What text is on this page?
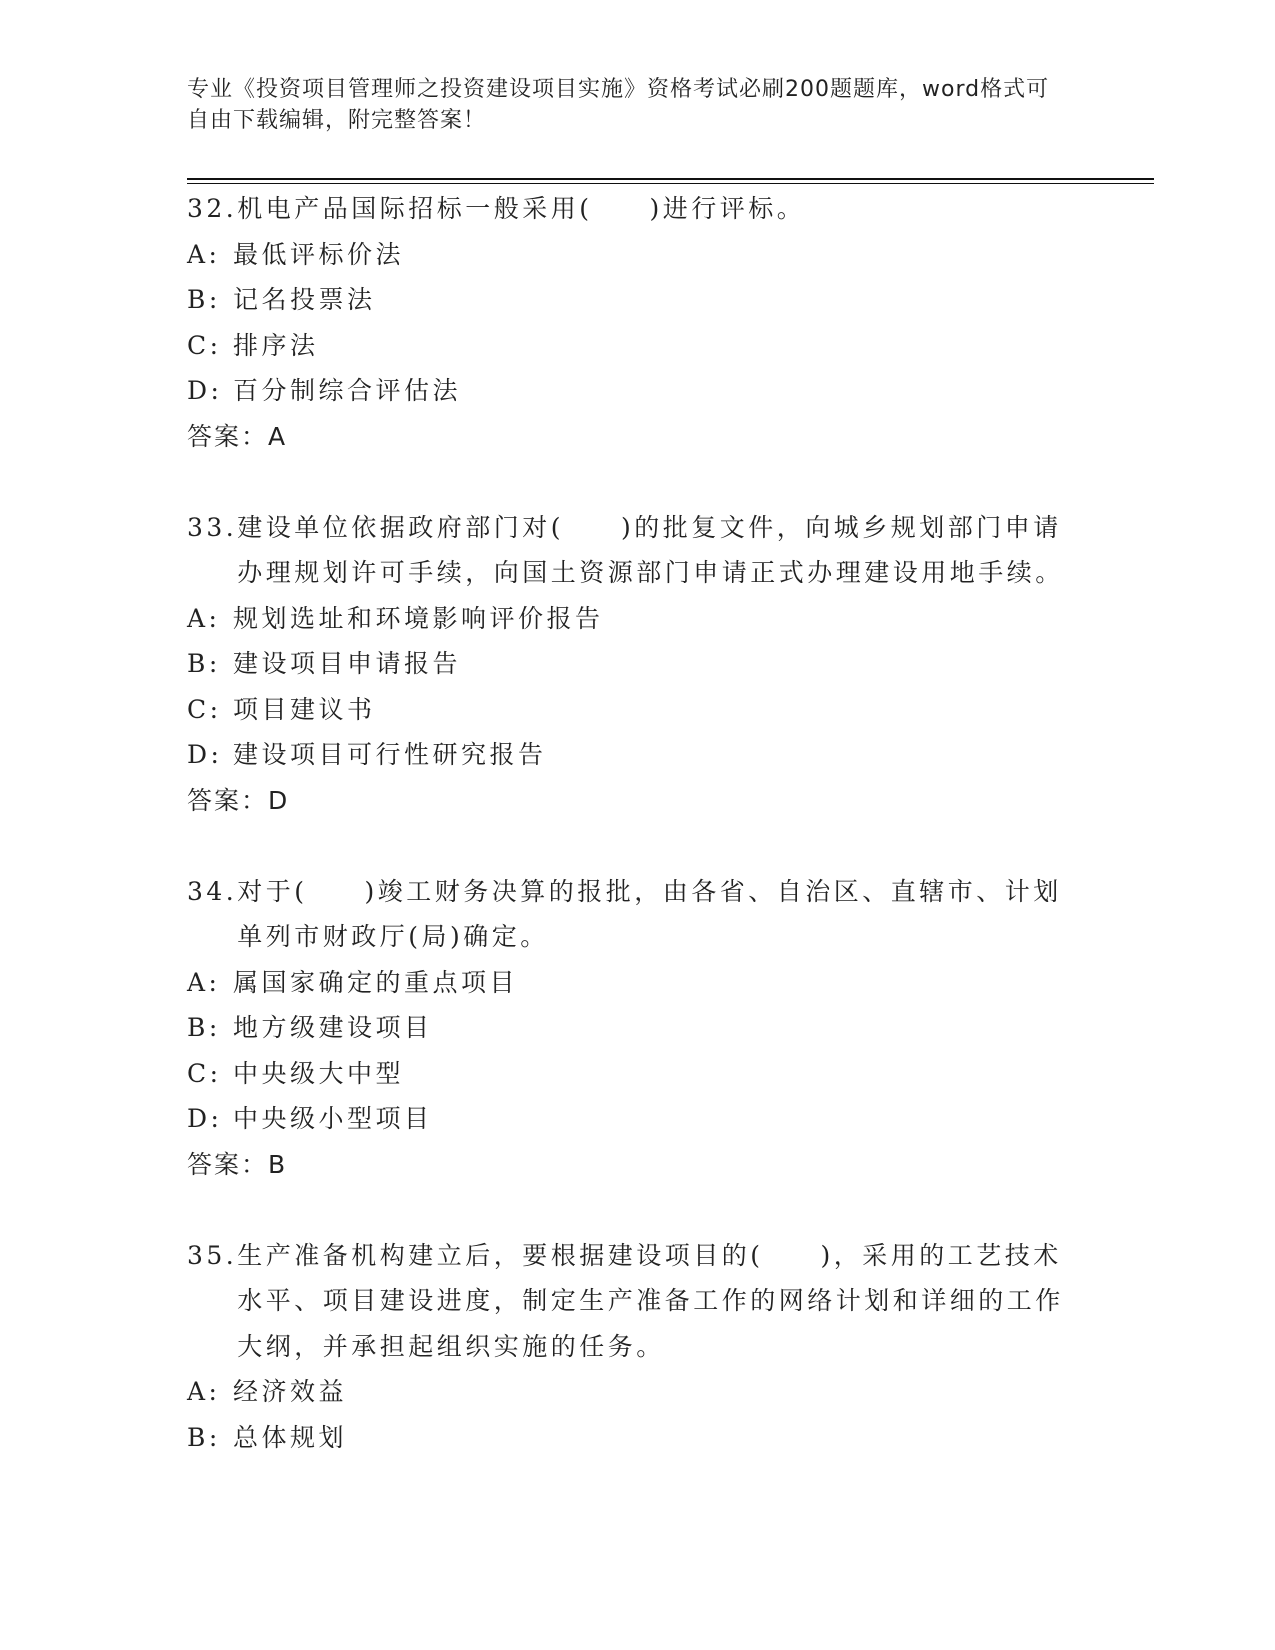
专业《投资项目管理师之投资建设项目实施》资格考试必刷200题题库，word格式可自由下载编辑，附完整答案！
32. 机电产品国际招标一般采用(　　)进行评标。
A: 最低评标价法
B: 记名投票法
C: 排序法
D: 百分制综合评估法
答案：A
33. 建设单位依据政府部门对(　　)的批复文件，向城乡规划部门申请办理规划许可手续，向国土资源部门申请正式办理建设用地手续。
A: 规划选址和环境影响评价报告
B: 建设项目申请报告
C: 项目建议书
D: 建设项目可行性研究报告
答案：D
34. 对于(　　)竣工财务决算的报批，由各省、自治区、直辖市、计划单列市财政厅(局)确定。
A: 属国家确定的重点项目
B: 地方级建设项目
C: 中央级大中型
D: 中央级小型项目
答案：B
35. 生产准备机构建立后，要根据建设项目的(　　)，采用的工艺技术水平、项目建设进度，制定生产准备工作的网络计划和详细的工作大纲，并承担起组织实施的任务。
A: 经济效益
B: 总体规划
